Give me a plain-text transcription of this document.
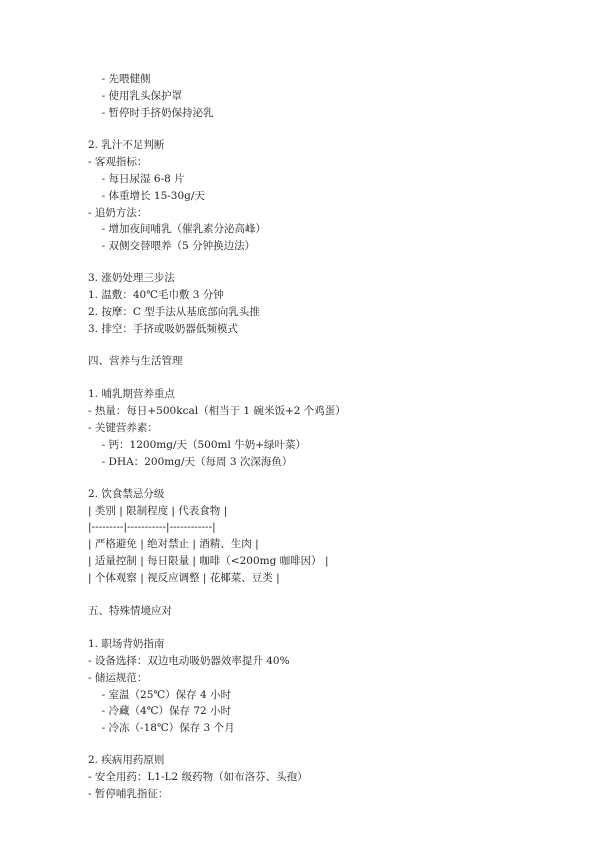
- 先喂健侧
- 使用乳头保护罩
- 暂停时手挤奶保持泌乳
2. 乳汁不足判断
- 客观指标：
- 每日尿湿 6-8 片
- 体重增长 15-30g/天
- 追奶方法：
- 增加夜间哺乳（催乳素分泌高峰）
- 双侧交替喂养（5 分钟换边法）
3. 涨奶处理三步法
1. 温敷：40℃毛巾敷 3 分钟
2. 按摩：C 型手法从基底部向乳头推
3. 排空：手挤或吸奶器低频模式
四、营养与生活管理
1. 哺乳期营养重点
- 热量：每日+500kcal（相当于 1 碗米饭+2 个鸡蛋）
- 关键营养素：
- 钙：1200mg/天（500ml 牛奶+绿叶菜）
- DHA：200mg/天（每周 3 次深海鱼）
2. 饮食禁忌分级
| 类别 | 限制程度 | 代表食物 |
|---------|-----------|------------|
| 严格避免 | 绝对禁止 | 酒精、生肉 |
| 适量控制 | 每日限量 | 咖啡（<200mg 咖啡因） |
| 个体观察 | 视反应调整 | 花椰菜、豆类 |
五、特殊情境应对
1. 职场背奶指南
- 设备选择：双边电动吸奶器效率提升 40%
- 储运规范：
- 室温（25℃）保存 4 小时
- 冷藏（4℃）保存 72 小时
- 冷冻（-18℃）保存 3 个月
2. 疾病用药原则
- 安全用药：L1-L2 级药物（如布洛芬、头孢）
- 暂停哺乳指征：
